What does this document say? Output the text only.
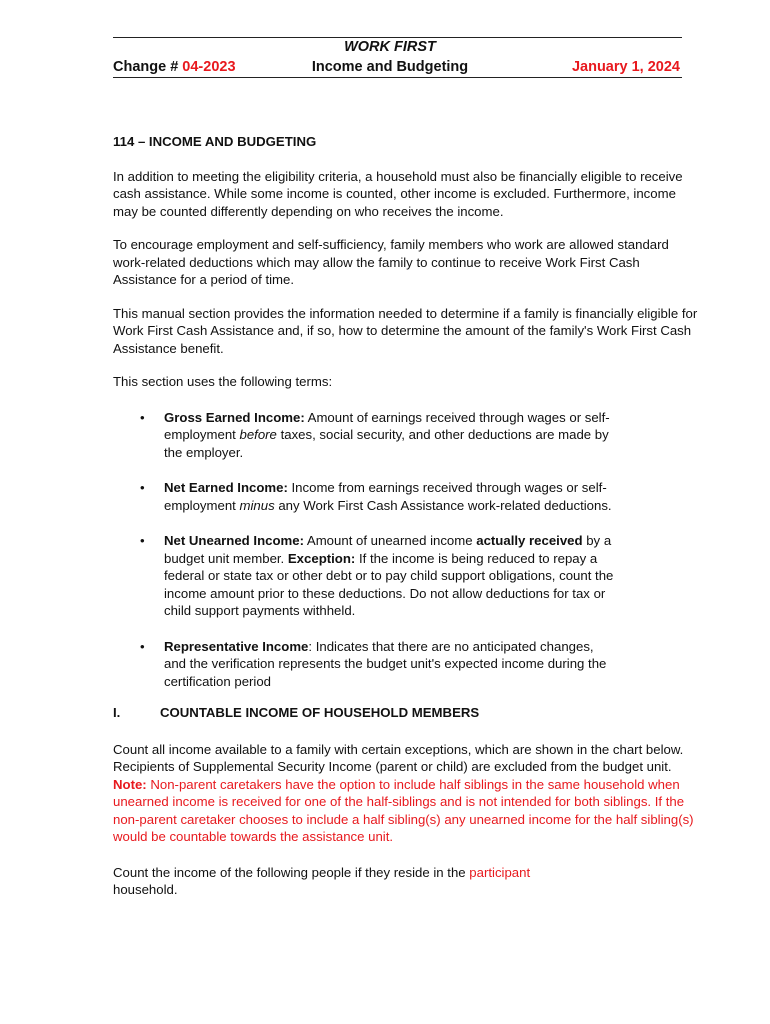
WORK FIRST
Change # 04-2023	Income and Budgeting	January 1, 2024
114 – INCOME AND BUDGETING

In addition to meeting the eligibility criteria, a household must also be financially eligible to receive cash assistance. While some income is counted, other income is excluded. Furthermore, income may be counted differently depending on who receives the income.

To encourage employment and self-sufficiency, family members who work are allowed standard work-related deductions which may allow the family to continue to receive Work First Cash Assistance for a period of time.

This manual section provides the information needed to determine if a family is financially eligible for Work First Cash Assistance and, if so, how to determine the amount of the family's Work First Cash Assistance benefit.

This section uses the following terms:

• Gross Earned Income: Amount of earnings received through wages or self-employment before taxes, social security, and other deductions are made by the employer.
• Net Earned Income: Income from earnings received through wages or self-employment minus any Work First Cash Assistance work-related deductions.
• Net Unearned Income: Amount of unearned income actually received by a budget unit member. Exception: If the income is being reduced to repay a federal or state tax or other debt or to pay child support obligations, count the income amount prior to these deductions. Do not allow deductions for tax or child support payments withheld.
• Representative Income: Indicates that there are no anticipated changes, and the verification represents the budget unit's expected income during the certification period
I.	COUNTABLE INCOME OF HOUSEHOLD MEMBERS

Count all income available to a family with certain exceptions, which are shown in the chart below. Recipients of Supplemental Security Income (parent or child) are excluded from the budget unit. Note: Non-parent caretakers have the option to include half siblings in the same household when unearned income is received for one of the half-siblings and is not intended for both siblings. If the non-parent caretaker chooses to include a half sibling(s) any unearned income for the half sibling(s) would be countable towards the assistance unit.

Count the income of the following people if they reside in the participant
household.
